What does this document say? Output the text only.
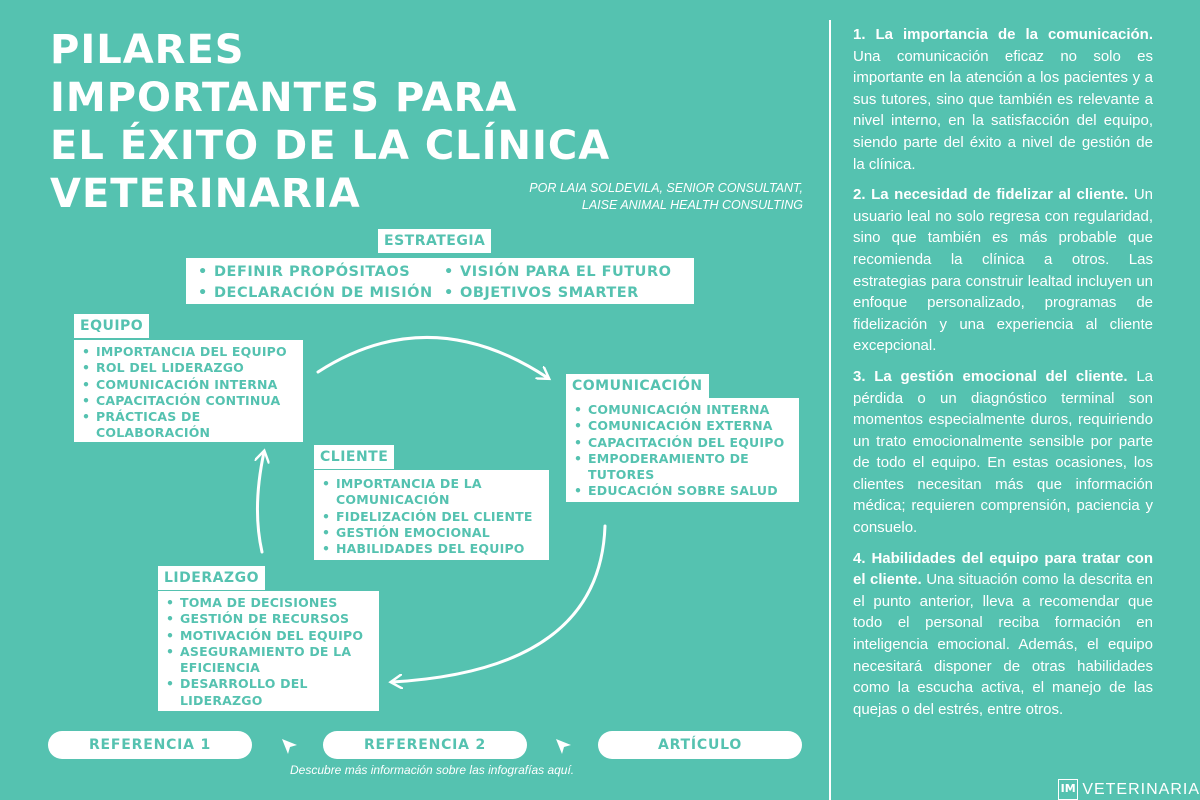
PILARES
IMPORTANTES PARA
EL ÉXITO DE LA CLÍNICA
VETERINARIA	POR LAIA SOLDEVILA, SENIOR CONSULTANT,
LAISE ANIMAL HEALTH CONSULTING
ESTRATEGIA
• DEFINIR PROPÓSITAOS
• DECLARACIÓN DE MISIÓN
• VISIÓN PARA EL FUTURO
• OBJETIVOS SMARTER
EQUIPO
• IMPORTANCIA DEL EQUIPO
• ROL DEL LIDERAZGO
• COMUNICACIÓN INTERNA
• CAPACITACIÓN CONTINUA
• PRÁCTICAS DE COLABORACIÓN
COMUNICACIÓN
• COMUNICACIÓN INTERNA
• COMUNICACIÓN EXTERNA
• CAPACITACIÓN DEL EQUIPO
• EMPODERAMIENTO DE TUTORES
• EDUCACIÓN SOBRE SALUD
CLIENTE
• IMPORTANCIA DE LA COMUNICACIÓN
• FIDELIZACIÓN DEL CLIENTE
• GESTIÓN EMOCIONAL
• HABILIDADES DEL EQUIPO
LIDERAZGO
• TOMA DE DECISIONES
• GESTIÓN DE RECURSOS
• MOTIVACIÓN DEL EQUIPO
• ASEGURAMIENTO DE LA EFICIENCIA
• DESARROLLO DEL LIDERAZGO
REFERENCIA 1	REFERENCIA 2	ARTÍCULO
Descubre más información sobre las infografías aquí.

1. La importancia de la comunicación. Una comunicación eficaz no solo es importante en la atención a los pacientes y a sus tutores, sino que también es relevante a nivel interno, en la satisfacción del equipo, siendo parte del éxito a nivel de gestión de la clínica.

2. La necesidad de fidelizar al cliente. Un usuario leal no solo regresa con regularidad, sino que también es más probable que recomienda la clínica a otros. Las estrategias para construir lealtad incluyen un enfoque personalizado, programas de fidelización y una experiencia al cliente excepcional.

3. La gestión emocional del cliente. La pérdida o un diagnóstico terminal son momentos especialmente duros, requiriendo un trato emocionalmente sensible por parte de todo el equipo. En estas ocasiones, los clientes necesitan más que información médica; requieren comprensión, paciencia y consuelo.

4. Habilidades del equipo para tratar con el cliente. Una situación como la descrita en el punto anterior, lleva a recomendar que todo el personal reciba formación en inteligencia emocional. Además, el equipo necesitará disponer de otras habilidades como la escucha activa, el manejo de las quejas o del estrés, entre otros.

IM VETERINARIA
